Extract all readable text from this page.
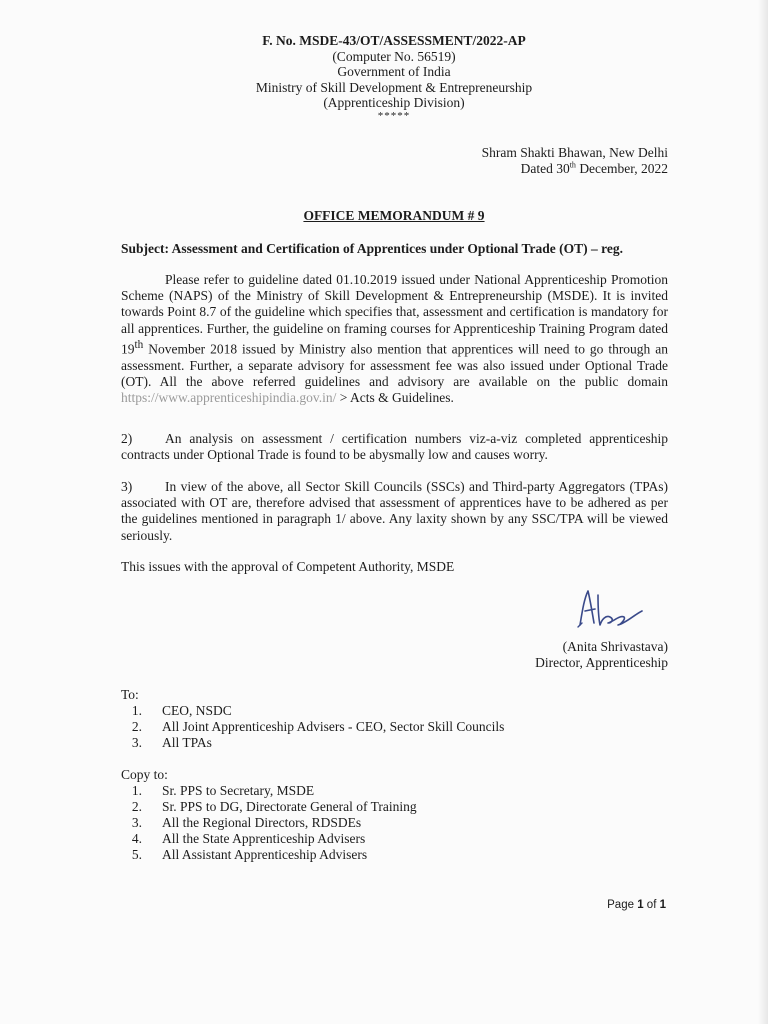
F. No. MSDE-43/OT/ASSESSMENT/2022-AP
(Computer No. 56519)
Government of India
Ministry of Skill Development & Entrepreneurship
(Apprenticeship Division)
*****
Shram Shakti Bhawan, New Delhi
Dated 30th December, 2022
OFFICE MEMORANDUM # 9
Subject: Assessment and Certification of Apprentices under Optional Trade (OT) – reg.

Please refer to guideline dated 01.10.2019 issued under National Apprenticeship Promotion Scheme (NAPS) of the Ministry of Skill Development & Entrepreneurship (MSDE). It is invited towards Point 8.7 of the guideline which specifies that, assessment and certification is mandatory for all apprentices. Further, the guideline on framing courses for Apprenticeship Training Program dated 19th November 2018 issued by Ministry also mention that apprentices will need to go through an assessment. Further, a separate advisory for assessment fee was also issued under Optional Trade (OT). All the above referred guidelines and advisory are available on the public domain https://www.apprenticeshipindia.gov.in/ > Acts & Guidelines.

2) An analysis on assessment / certification numbers viz-a-viz completed apprenticeship contracts under Optional Trade is found to be abysmally low and causes worry.

3) In view of the above, all Sector Skill Councils (SSCs) and Third-party Aggregators (TPAs) associated with OT are, therefore advised that assessment of apprentices have to be adhered as per the guidelines mentioned in paragraph 1/ above. Any laxity shown by any SSC/TPA will be viewed seriously.

This issues with the approval of Competent Authority, MSDE
(Anita Shrivastava)
Director, Apprenticeship
To:
1. CEO, NSDC
2. All Joint Apprenticeship Advisers - CEO, Sector Skill Councils
3. All TPAs
Copy to:
1. Sr. PPS to Secretary, MSDE
2. Sr. PPS to DG, Directorate General of Training
3. All the Regional Directors, RDSDEs
4. All the State Apprenticeship Advisers
5. All Assistant Apprenticeship Advisers
Page 1 of 1
